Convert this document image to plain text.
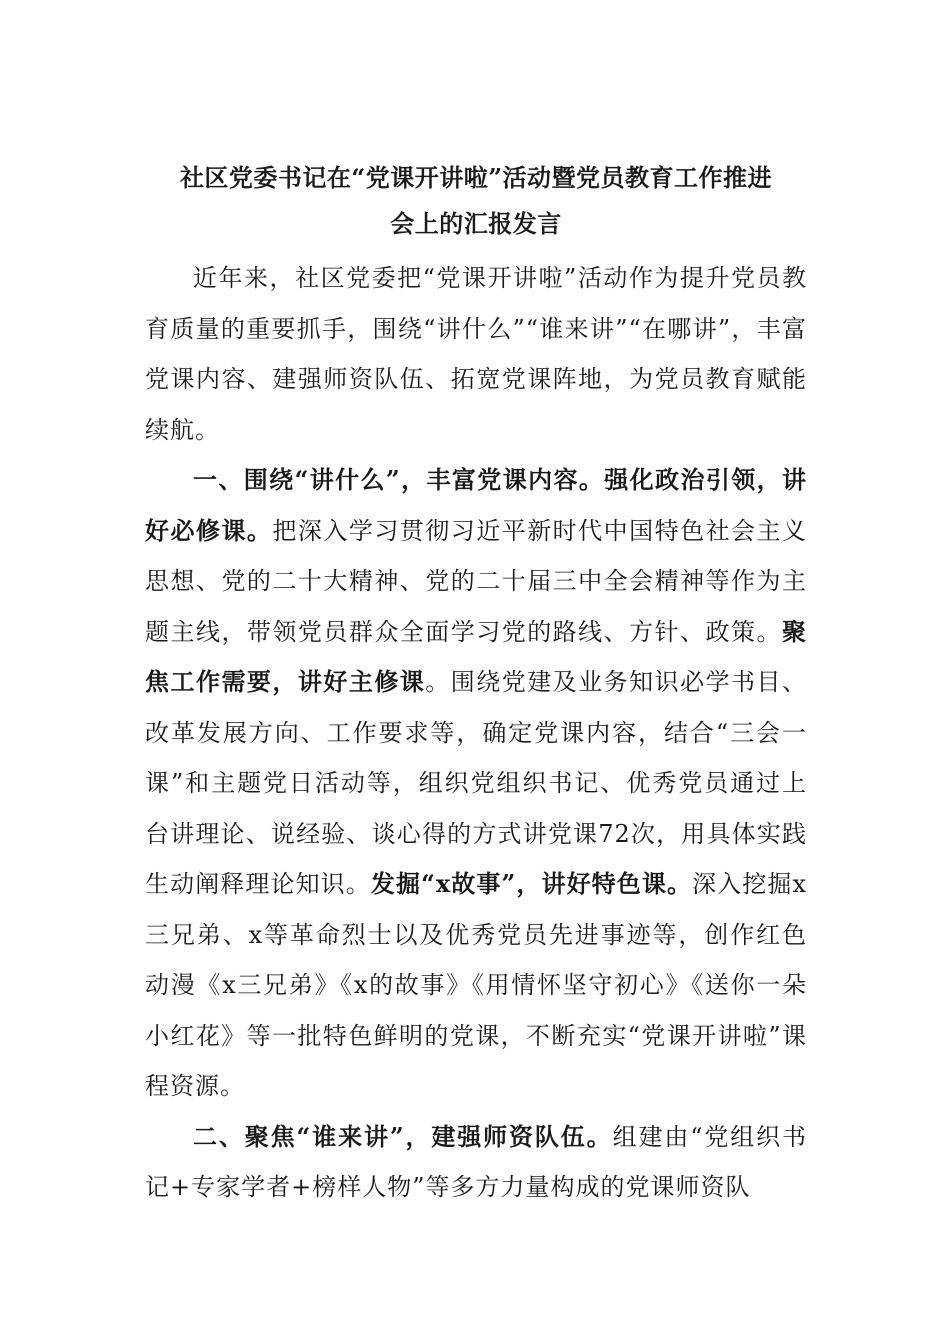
社区党委书记在“党课开讲啦”活动暨党员教育工作推进

会上的汇报发言

近年来，社区党委把“党课开讲啦”活动作为提升党员教育质量的重要抓手，围绕“讲什么”“谁来讲”“在哪讲”，丰富党课内容、建强师资队伍、拓宽党课阵地，为党员教育赋能续航。

一、围绕“讲什么”，丰富党课内容。强化政治引领，讲好必修课。把深入学习贯彻习近平新时代中国特色社会主义思想、党的二十大精神、党的二十届三中全会精神等作为主题主线，带领党员群众全面学习党的路线、方针、政策。聚焦工作需要，讲好主修课。围绕党建及业务知识必学书目、改革发展方向、工作要求等，确定党课内容，结合“三会一课”和主题党日活动等，组织党组织书记、优秀党员通过上台讲理论、说经验、谈心得的方式讲党课72次，用具体实践生动阐释理论知识。发掘“x故事”，讲好特色课。深入挖掘x三兄弟、x等革命烈士以及优秀党员先进事迹等，创作红色动漫《x三兄弟》《x的故事》《用情怀坚守初心》《送你一朵小红花》等一批特色鲜明的党课，不断充实“党课开讲啦”课程资源。

二、聚焦“谁来讲”，建强师资队伍。组建由“党组织书记+专家学者+榜样人物”等多方力量构成的党课师资队
